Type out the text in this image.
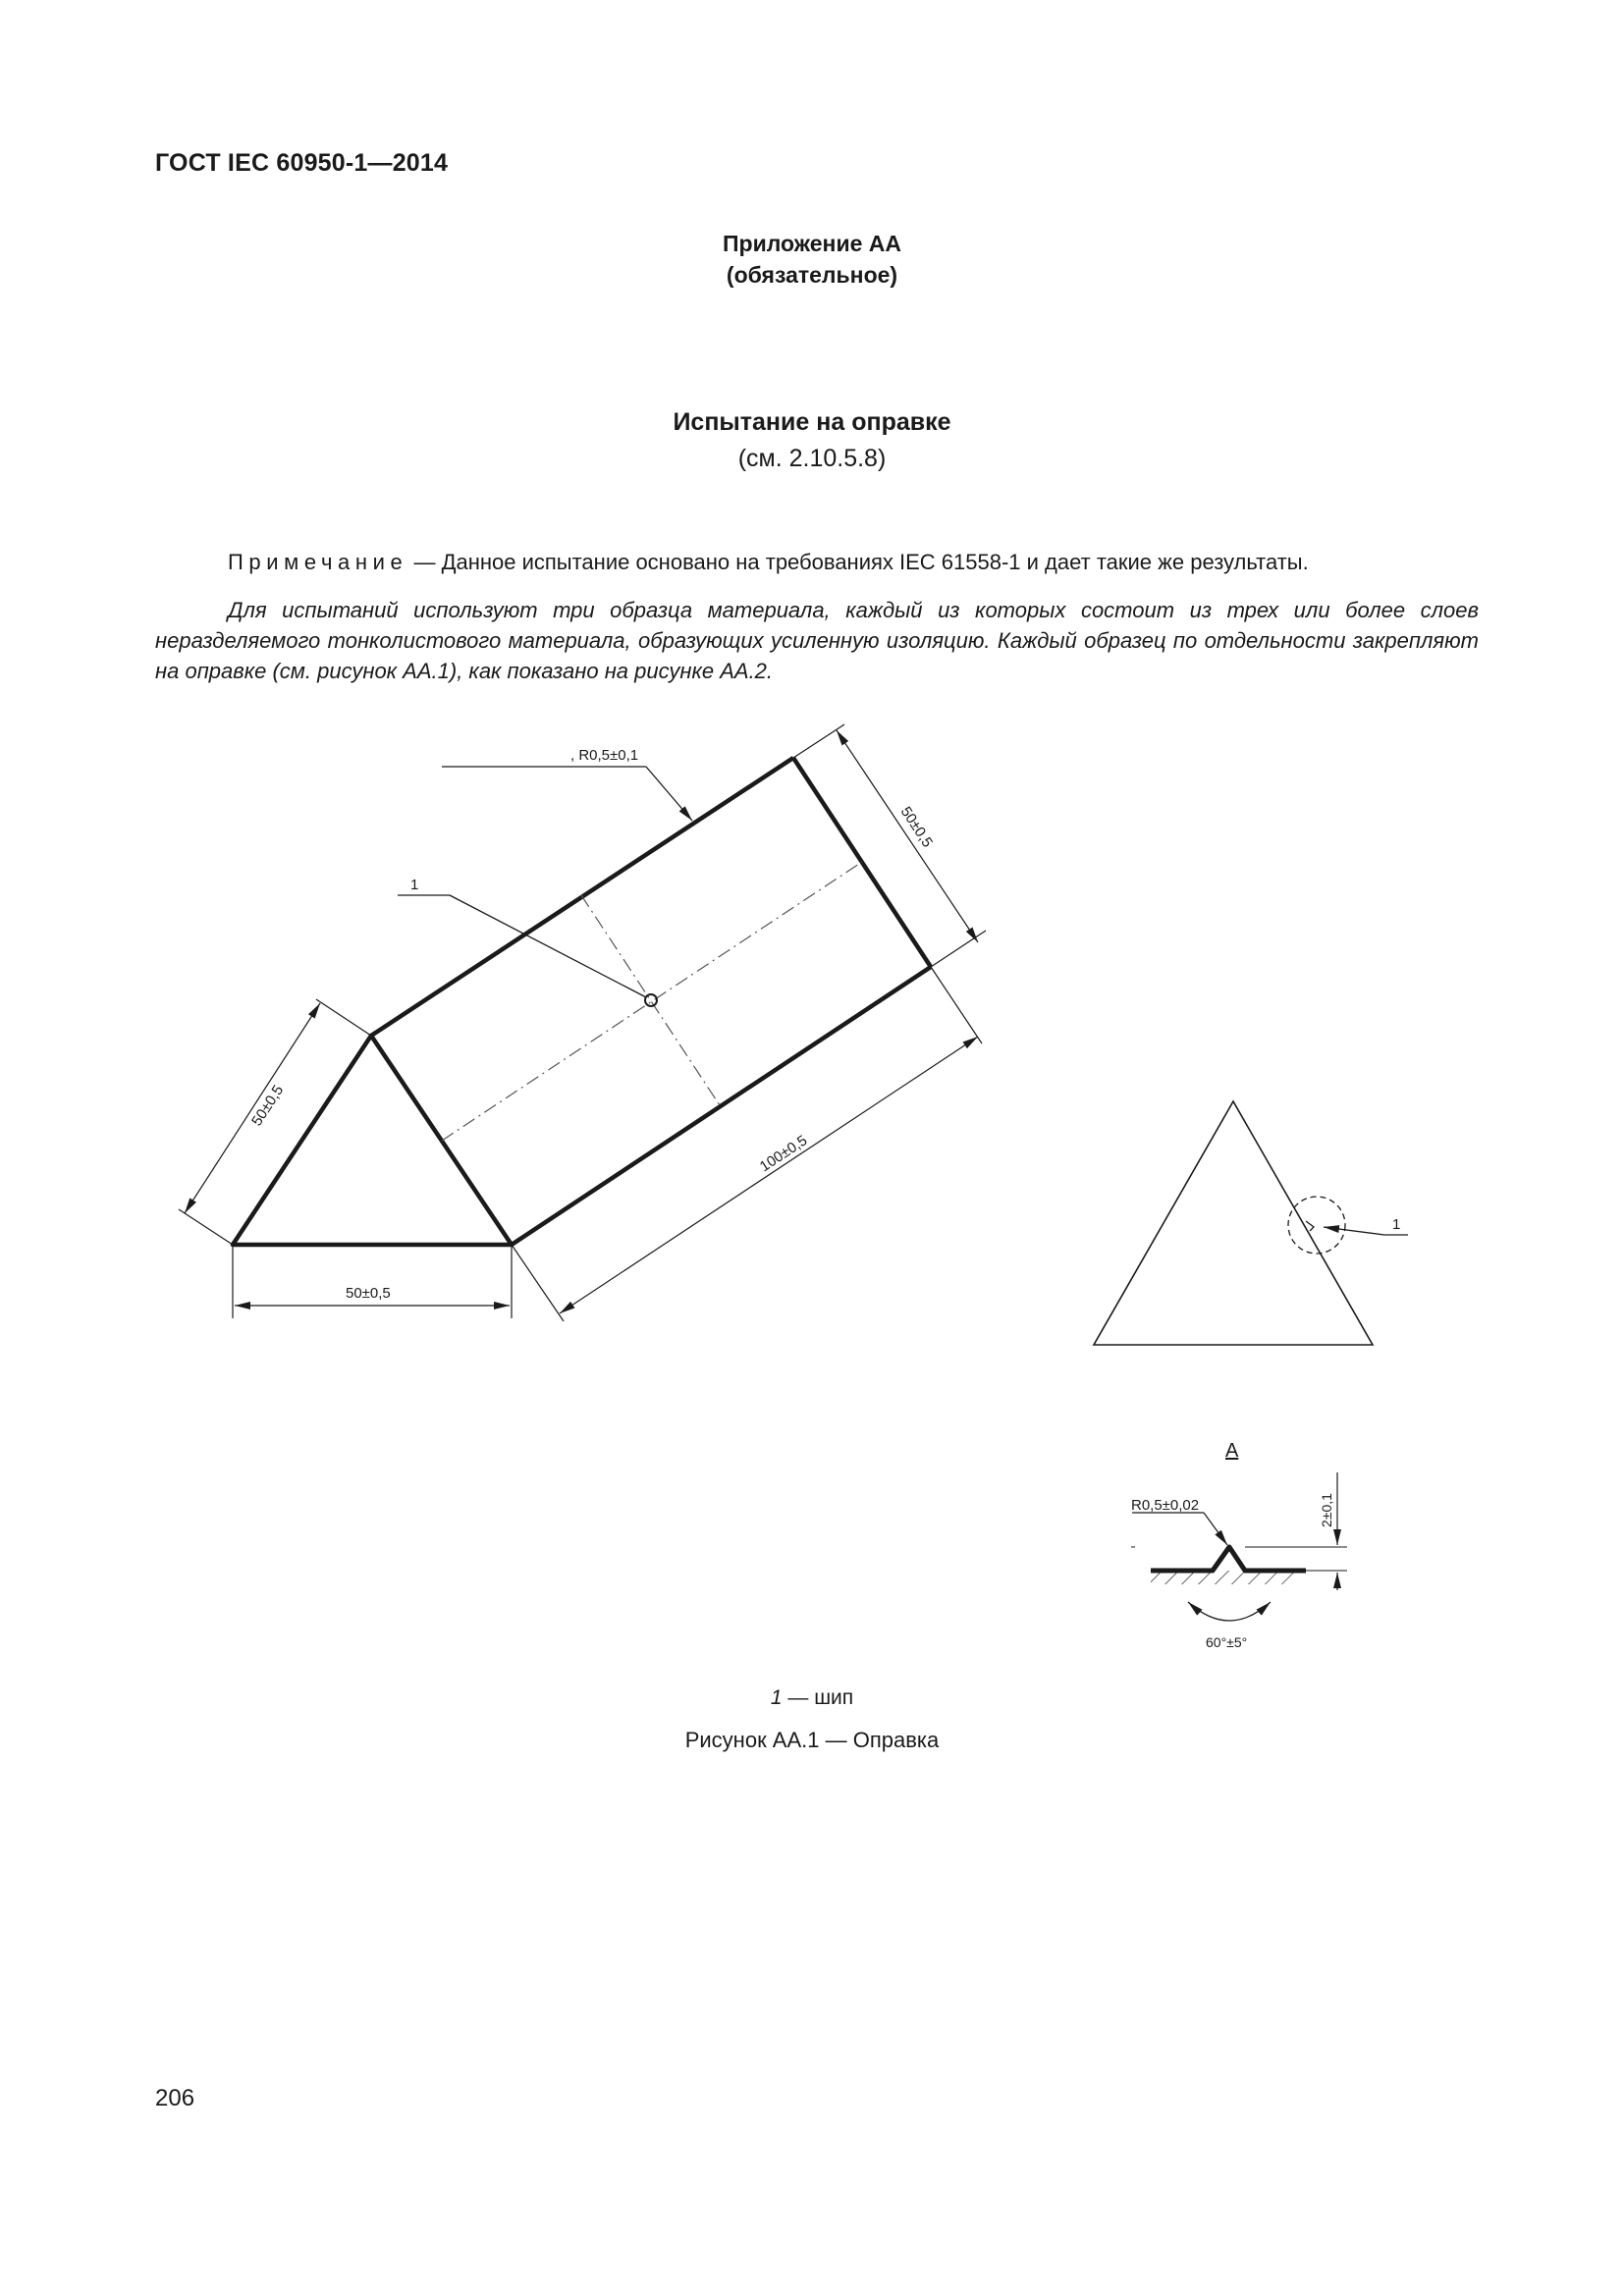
ГОСТ IEC 60950-1—2014
Приложение АА
(обязательное)
Испытание на оправке
(см. 2.10.5.8)
Примечание — Данное испытание основано на требованиях IEC 61558-1 и дает такие же результаты.
Для испытаний используют три образца материала, каждый из которых состоит из трех или более слоев неразделяемого тонколистового материала, образующих усиленную изоляцию. Каждый образец по отдельности закрепляют на оправке (см. рисунок АА.1), как показано на рисунке АА.2.
, R0,5±0,1
1
50±0,5
50±0,5
100±0,5
50±0,5
1
А
R0,5±0,02	2±0,1
60°±5°
1 — шип
Рисунок АА.1 — Оправка
206
